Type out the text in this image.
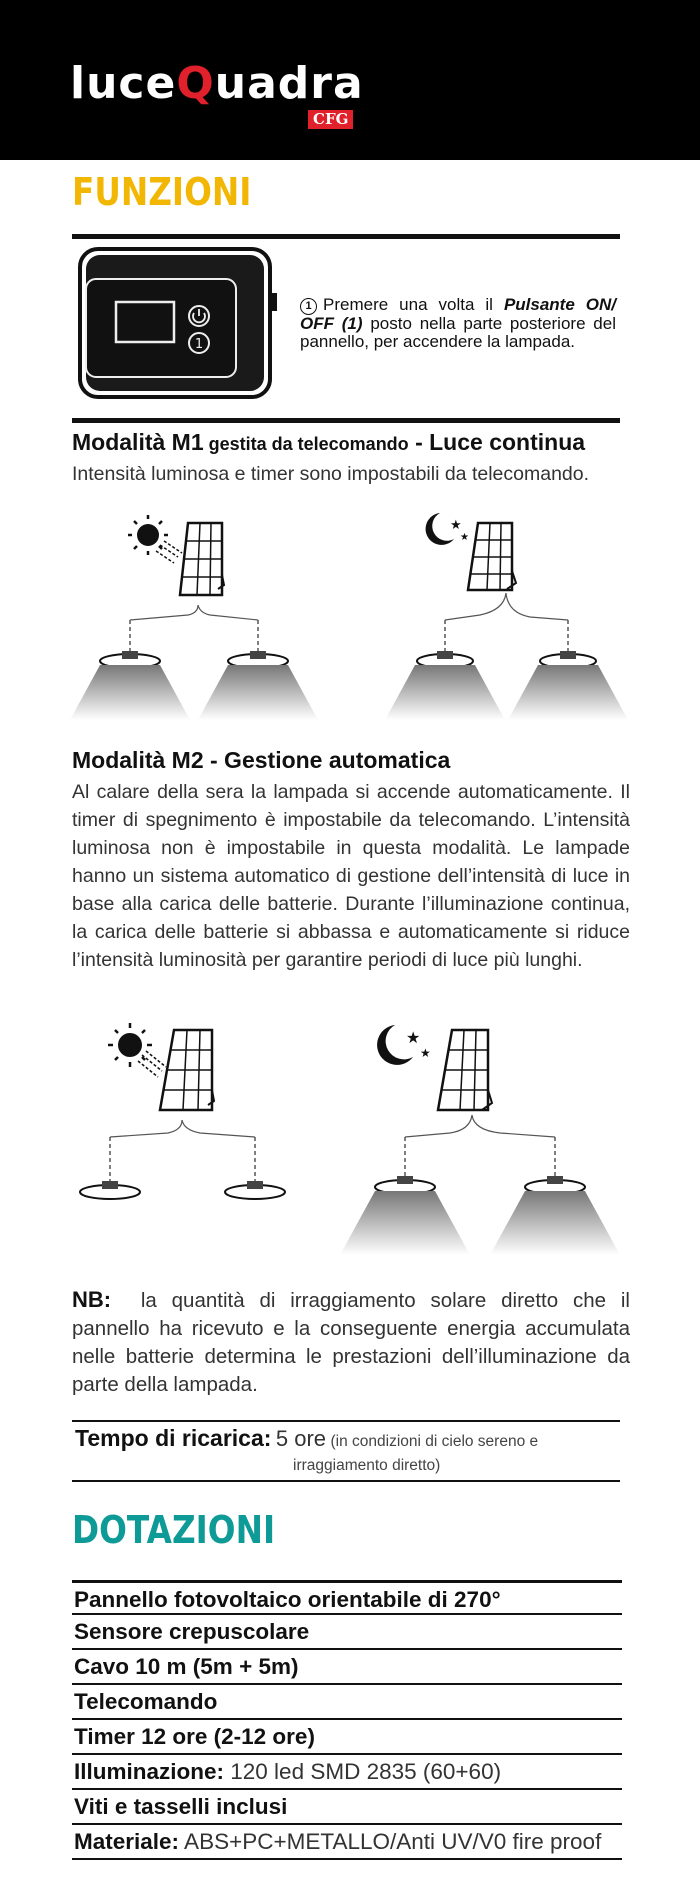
luceQuadra
CFG
FUNZIONI
1
1 Premere una volta il Pulsante ON/ OFF (1) posto nella parte posteriore del pannello, per accendere la lampada.
Modalità M1 gestita da telecomando - Luce continua
Intensità luminosa e timer sono impostabili da telecomando.
★
★
Modalità M2 - Gestione automatica
Al calare della sera la lampada si accende automaticamente. Il timer di spegnimento è impostabile da telecomando. L’intensità luminosa non è impostabile in questa modalità. Le lampade hanno un sistema automatico di gestione dell’intensità di luce in base alla carica delle batterie. Durante l’illuminazione continua, la carica delle batterie si abbassa e automaticamente si riduce l’intensità luminosità per garantire periodi di luce più lunghi.
★
★
NB: la quantità di irraggiamento solare diretto che il pannello ha ricevuto e la conseguente energia accumulata nelle batterie determina le prestazioni dell’illuminazione da parte della lampada.
Tempo di ricarica: 5 ore (in condizioni di cielo sereno e
irraggiamento diretto)
DOTAZIONI
Pannello fotovoltaico orientabile di 270°
Sensore crepuscolare
Cavo 10 m (5m + 5m)
Telecomando
Timer 12 ore (2-12 ore)
Illuminazione: 120 led SMD 2835 (60+60)
Viti e tasselli inclusi
Materiale: ABS+PC+METALLO/Anti UV/V0 fire proof
